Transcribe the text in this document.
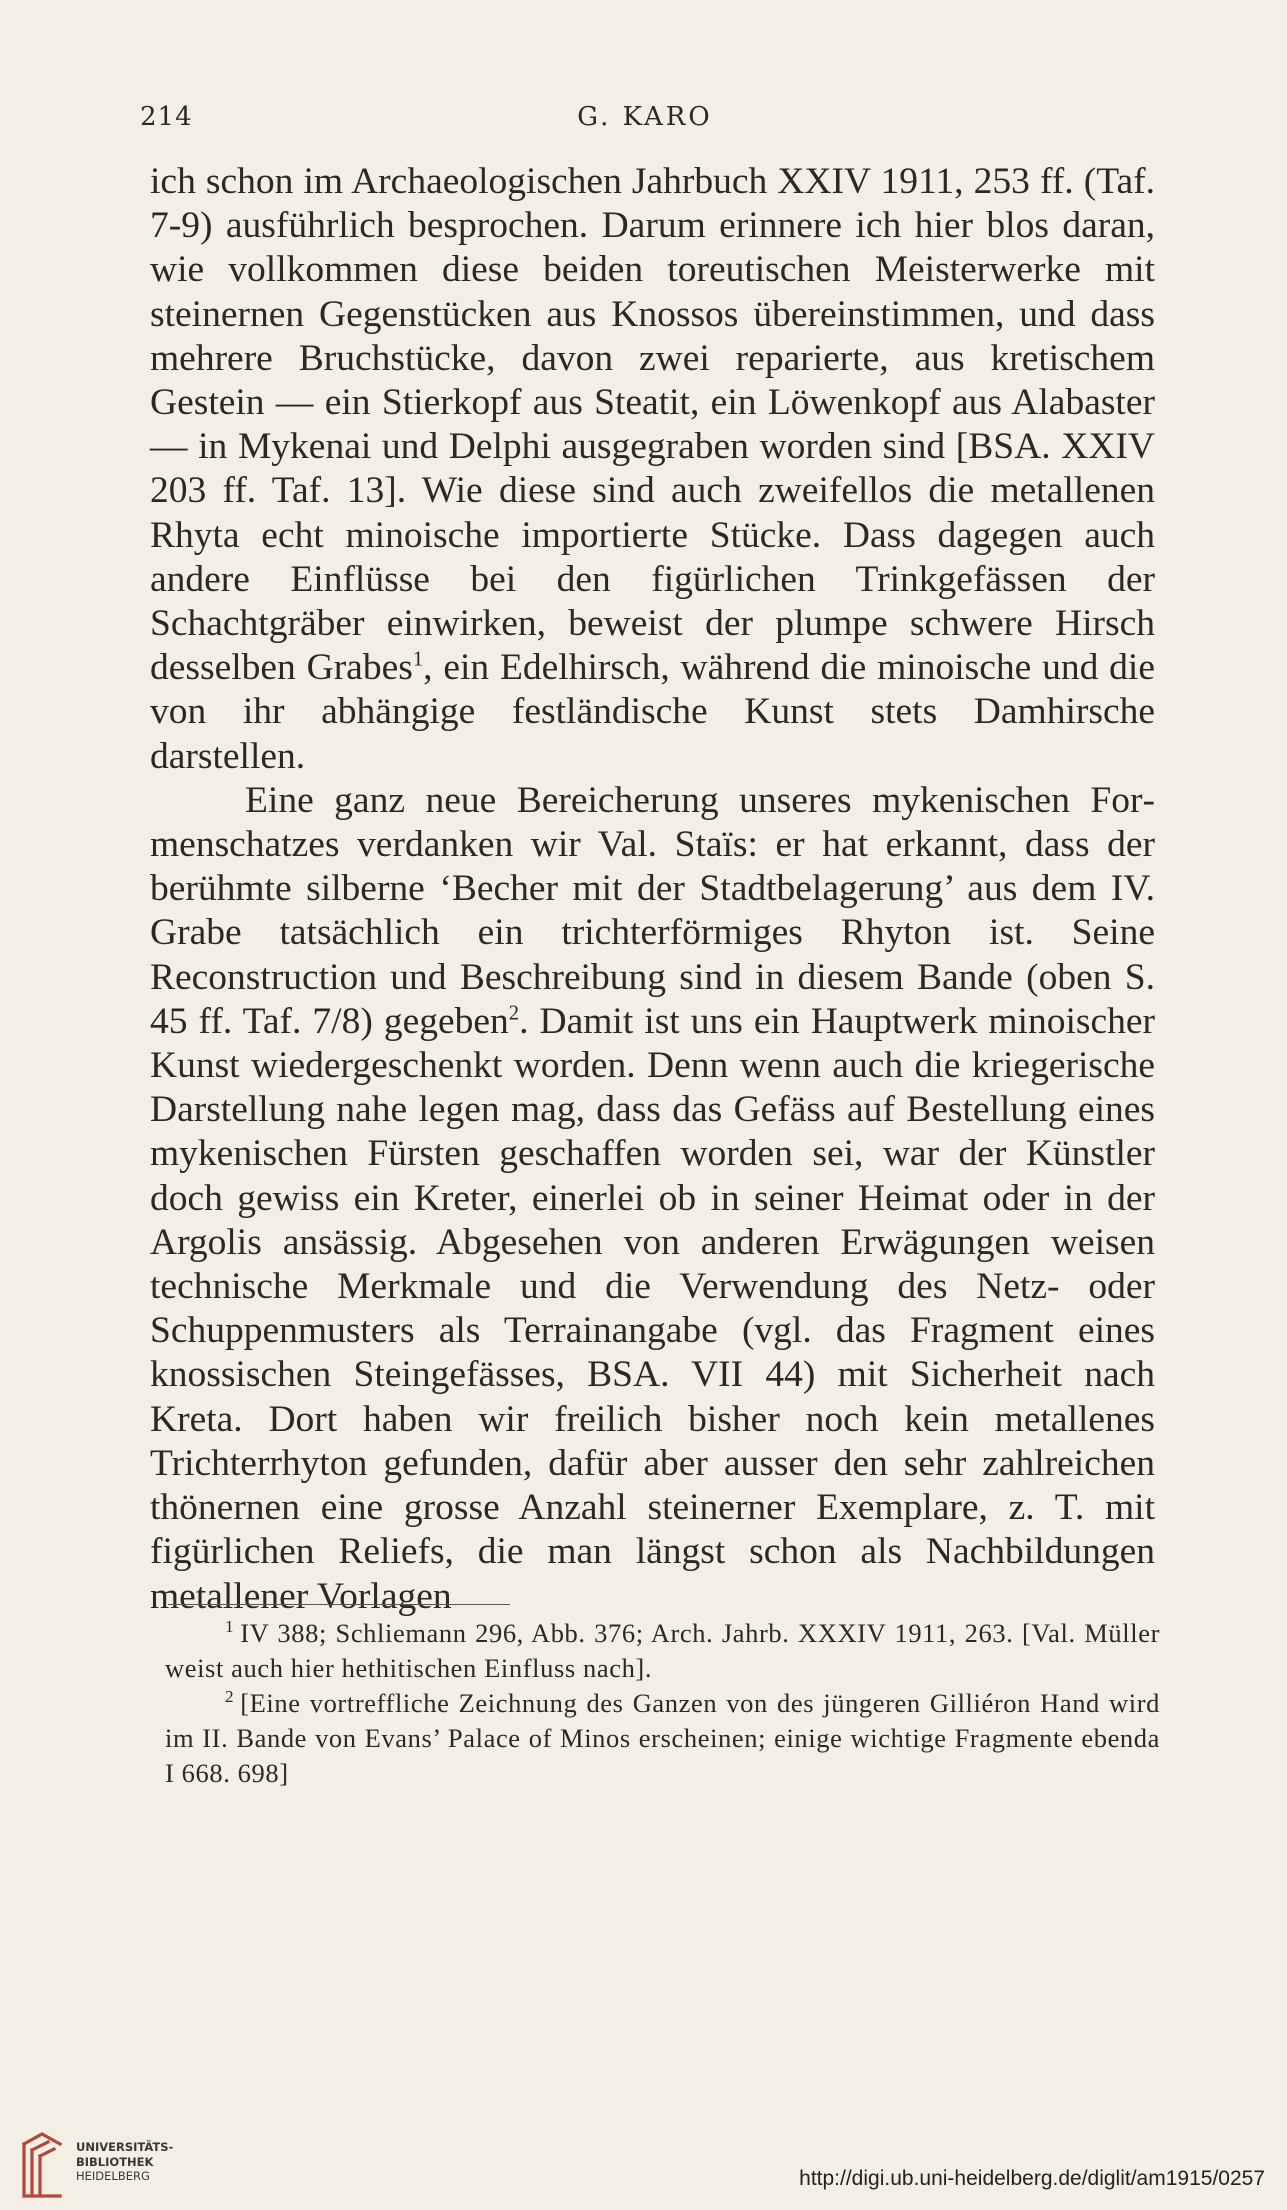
214	G. KARO

ich schon im Archaeologischen Jahrbuch XXIV 1911, 253 ff. (Taf. 7-9) ausführlich besprochen. Darum erinnere ich hier blos daran, wie vollkommen diese beiden toreutischen Meisterwerke mit steinernen Gegenstücken aus Knossos übereinstimmen, und dass mehrere Bruchstücke, davon zwei reparierte, aus kretischem Gestein — ein Stierkopf aus Steatit, ein Löwenkopf aus Alabaster — in Mykenai und Delphi ausgegraben worden sind [BSA. XXIV 203 ff. Taf. 13]. Wie diese sind auch zweifellos die metallenen Rhyta echt minoische importierte Stücke. Dass dagegen auch andere Einflüsse bei den figürlichen Trinkgefässen der Schachtgräber einwirken, beweist der plumpe schwere Hirsch desselben Grabes$^1$, ein Edelhirsch, während die minoische und die von ihr abhängige festländische Kunst stets Damhirsche darstellen.

Eine ganz neue Bereicherung unseres mykenischen Formenschatzes verdanken wir Val. Staïs: er hat erkannt, dass der berühmte silberne ‘Becher mit der Stadtbelagerung’ aus dem IV. Grabe tatsächlich ein trichterförmiges Rhyton ist. Seine Reconstruction und Beschreibung sind in diesem Bande (oben S. 45 ff. Taf. 7/8) gegeben$^2$. Damit ist uns ein Hauptwerk minoischer Kunst wiedergeschenkt worden. Denn wenn auch die kriegerische Darstellung nahe legen mag, dass das Gefäss auf Bestellung eines mykenischen Fürsten geschaffen worden sei, war der Künstler doch gewiss ein Kreter, einerlei ob in seiner Heimat oder in der Argolis ansässig. Abgesehen von anderen Erwägungen weisen technische Merkmale und die Verwendung des Netz- oder Schuppenmusters als Terrainangabe (vgl. das Fragment eines knossischen Steingefässes, BSA. VII 44) mit Sicherheit nach Kreta. Dort haben wir freilich bisher noch kein metallenes Trichterrhyton gefunden, dafür aber ausser den sehr zahlreichen thönernen eine grosse Anzahl steinerner Exemplare, z. T. mit figürlichen Reliefs, die man längst schon als Nachbildungen metallener Vorlagen

$^1$ IV 388; Schliemann 296, Abb. 376; Arch. Jahrb. XXXIV 1911, 263. [Val. Müller weist auch hier hethitischen Einfluss nach].

$^2$ [Eine vortreffliche Zeichnung des Ganzen von des jüngeren Gilliéron Hand wird im II. Bande von Evans’ Palace of Minos erscheinen; einige wichtige Fragmente ebenda I 668. 698]

UNIVERSITÄTS-
BIBLIOTHEK
HEIDELBERG	http://digi.ub.uni-heidelberg.de/diglit/am1915/0257
